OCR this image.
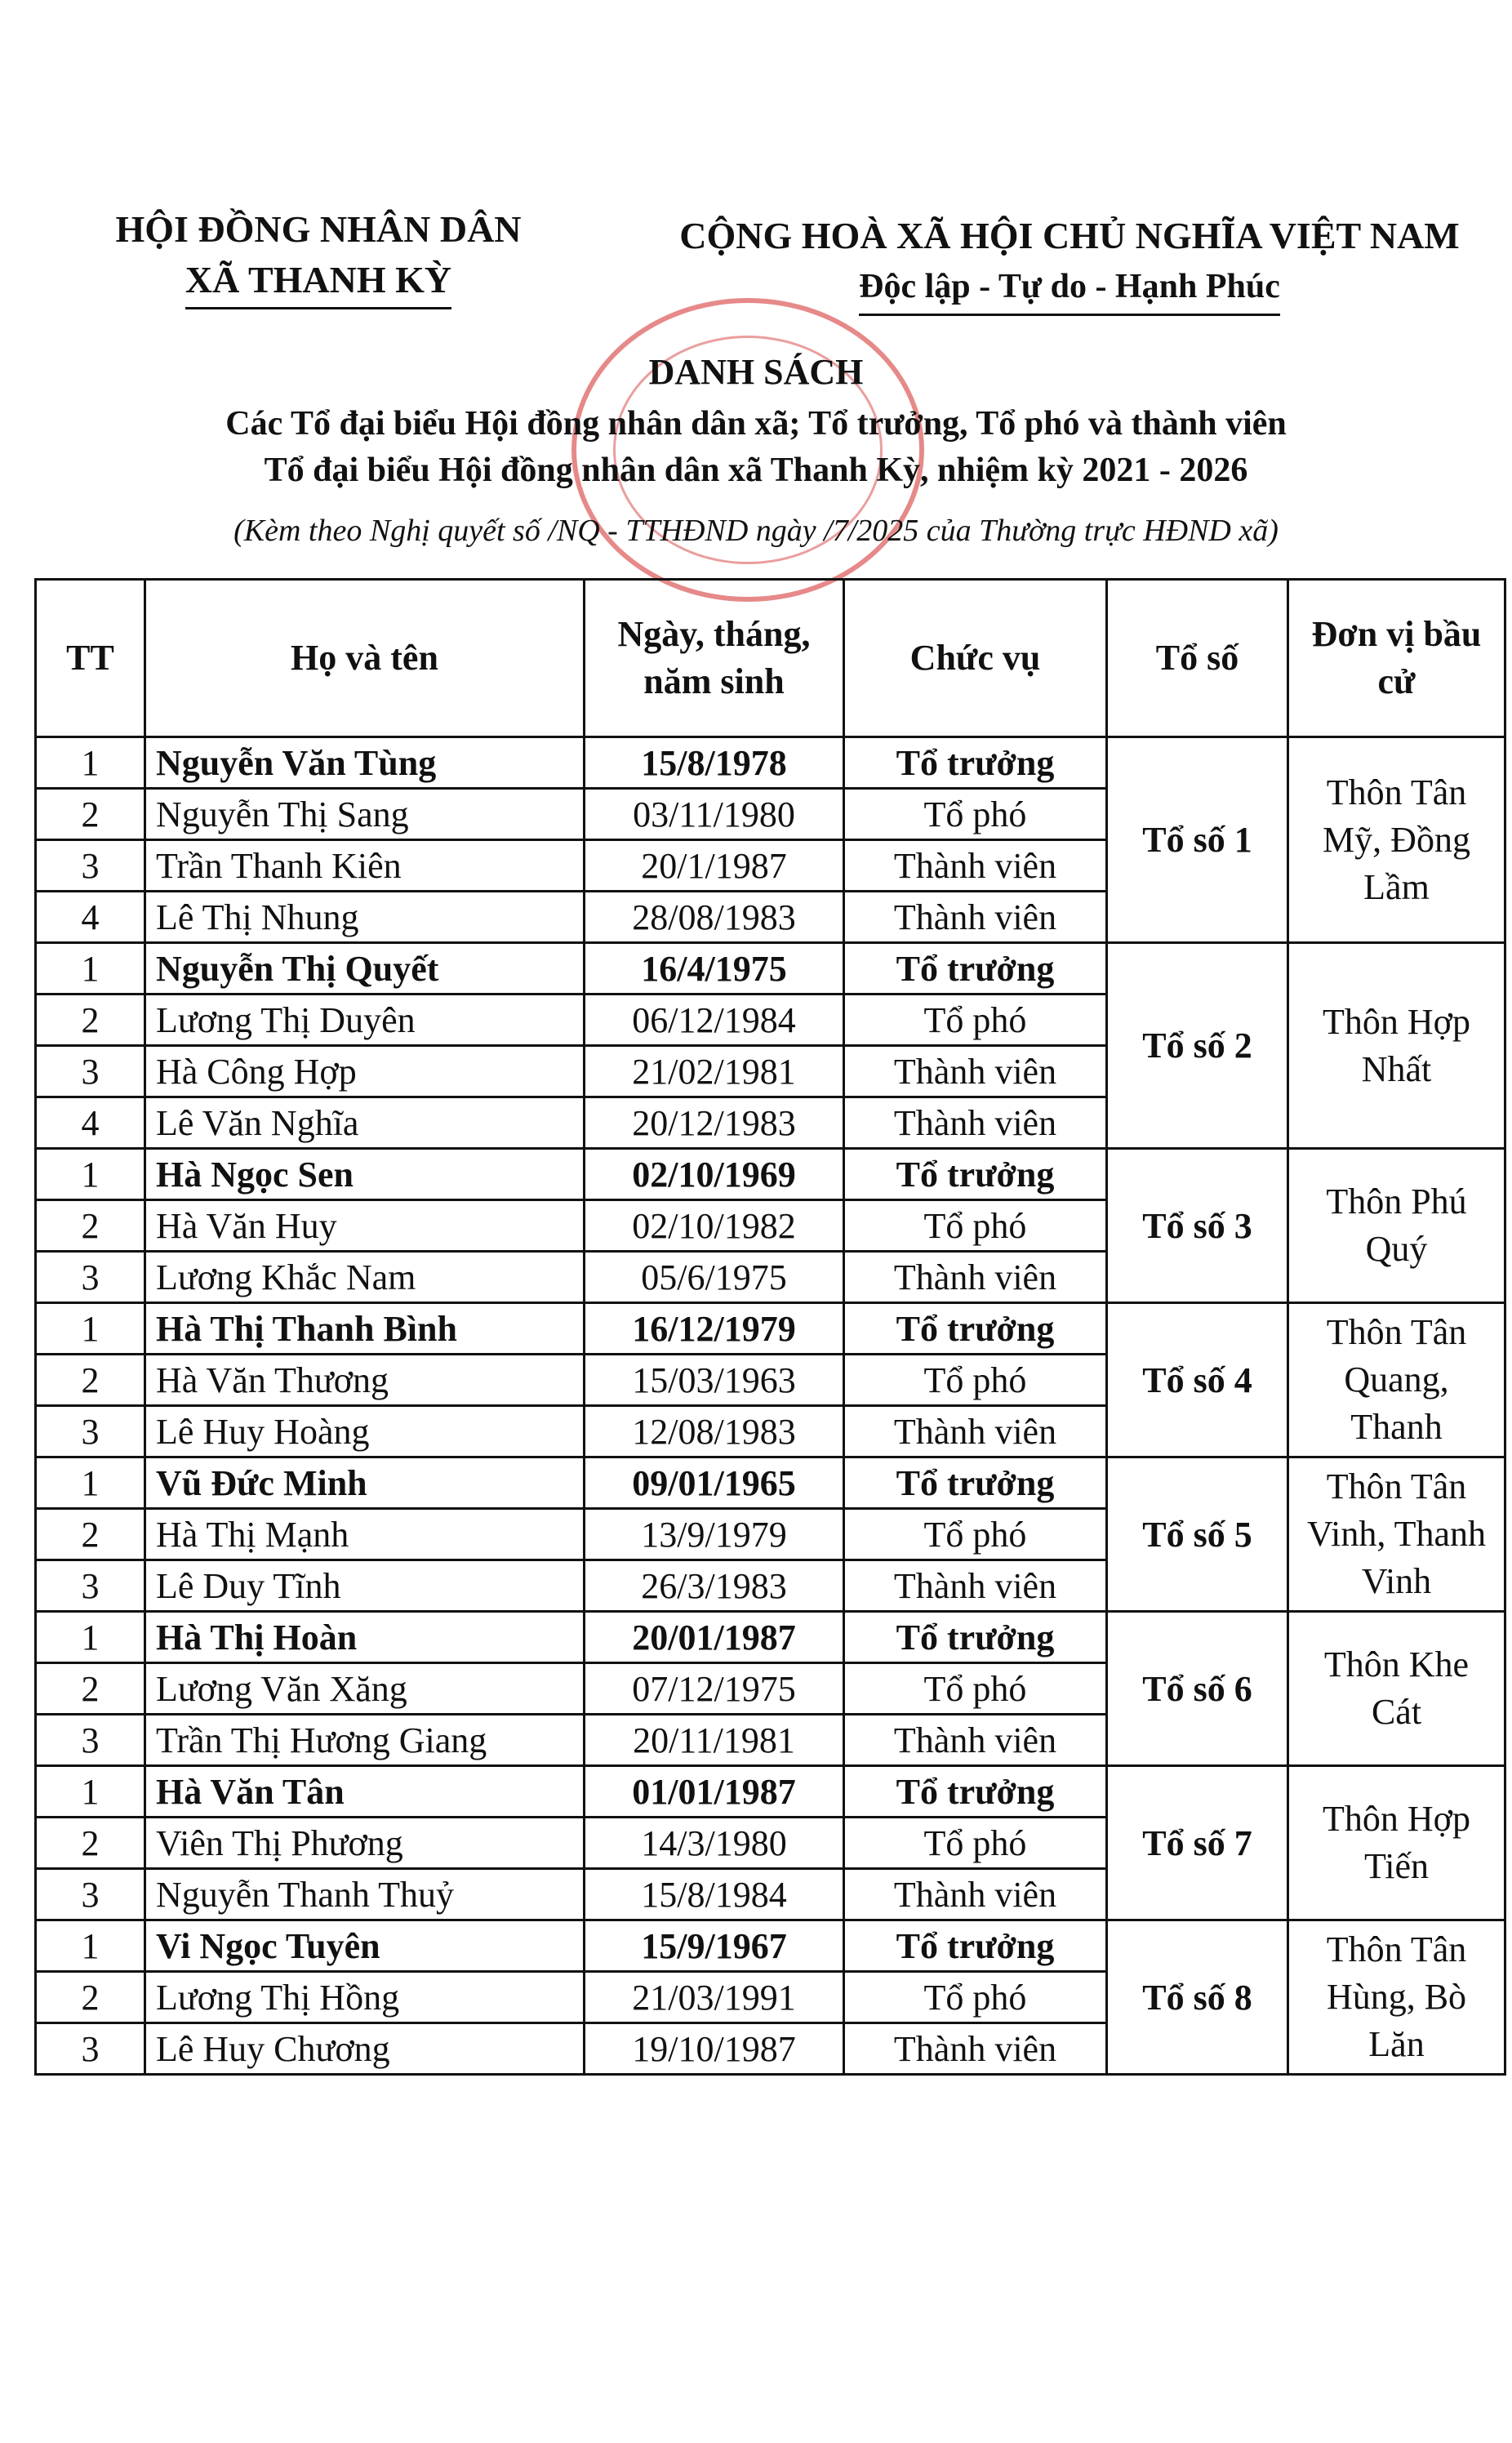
HỘI ĐỒNG NHÂN DÂN
XÃ THANH KỲ
CỘNG HOÀ XÃ HỘI CHỦ NGHĨA VIỆT NAM
Độc lập - Tự do - Hạnh Phúc
DANH SÁCH
Các Tổ đại biểu Hội đồng nhân dân xã; Tổ trưởng, Tổ phó và thành viên
Tổ đại biểu Hội đồng nhân dân xã Thanh Kỳ, nhiệm kỳ 2021 - 2026
(Kèm theo Nghị quyết số /NQ - TTHĐND ngày /7/2025 của Thường trực HĐND xã)
TT	Họ và tên	Ngày, tháng, năm sinh	Chức vụ	Tổ số	Đơn vị bầu cử
1	Nguyễn Văn Tùng	15/8/1978	Tổ trưởng	Tổ số 1	Thôn Tân Mỹ, Đồng Lầm
2	Nguyễn Thị Sang	03/11/1980	Tổ phó		
3	Trần Thanh Kiên	20/1/1987	Thành viên		
4	Lê Thị Nhung	28/08/1983	Thành viên		
1	Nguyễn Thị Quyết	16/4/1975	Tổ trưởng	Tổ số 2	Thôn Hợp Nhất
2	Lương Thị Duyên	06/12/1984	Tổ phó		
3	Hà Công Hợp	21/02/1981	Thành viên		
4	Lê Văn Nghĩa	20/12/1983	Thành viên		
1	Hà Ngọc Sen	02/10/1969	Tổ trưởng	Tổ số 3	Thôn Phú Quý
2	Hà Văn Huy	02/10/1982	Tổ phó		
3	Lương Khắc Nam	05/6/1975	Thành viên		
1	Hà Thị Thanh Bình	16/12/1979	Tổ trưởng	Tổ số 4	Thôn Tân Quang, Thanh
2	Hà Văn Thương	15/03/1963	Tổ phó		
3	Lê Huy Hoàng	12/08/1983	Thành viên		
1	Vũ Đức Minh	09/01/1965	Tổ trưởng	Tổ số 5	Thôn Tân Vinh, Thanh Vinh
2	Hà Thị Mạnh	13/9/1979	Tổ phó		
3	Lê Duy Tĩnh	26/3/1983	Thành viên		
1	Hà Thị Hoàn	20/01/1987	Tổ trưởng	Tổ số 6	Thôn Khe Cát
2	Lương Văn Xăng	07/12/1975	Tổ phó		
3	Trần Thị Hương Giang	20/11/1981	Thành viên		
1	Hà Văn Tân	01/01/1987	Tổ trưởng	Tổ số 7	Thôn Hợp Tiến
2	Viên Thị Phương	14/3/1980	Tổ phó		
3	Nguyễn Thanh Thuỷ	15/8/1984	Thành viên		
1	Vi Ngọc Tuyên	15/9/1967	Tổ trưởng	Tổ số 8	Thôn Tân Hùng, Bò Lăn
2	Lương Thị Hồng	21/03/1991	Tổ phó		
3	Lê Huy Chương	19/10/1987	Thành viên		
